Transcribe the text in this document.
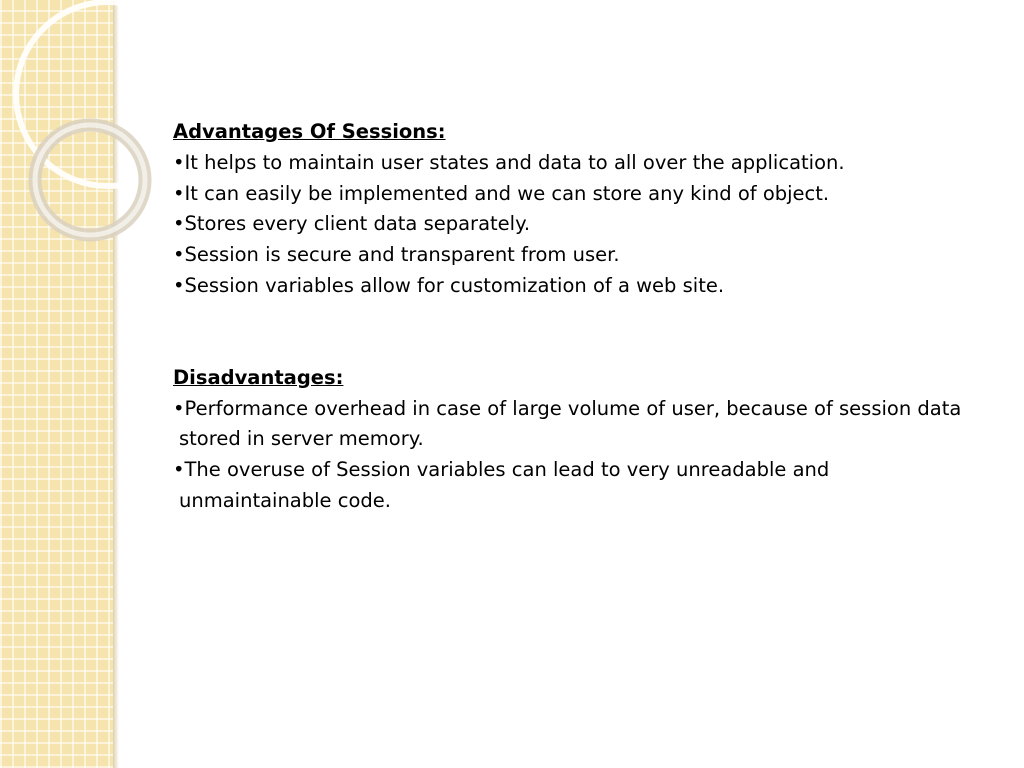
Advantages Of Sessions:
•It helps to maintain user states and data to all over the application.
•It can easily be implemented and we can store any kind of object.
•Stores every client data separately.
•Session is secure and transparent from user.
•Session variables allow for customization of a web site.
Disadvantages:
•Performance overhead in case of large volume of user, because of session data
stored in server memory.
•The overuse of Session variables can lead to very unreadable and
unmaintainable code.
